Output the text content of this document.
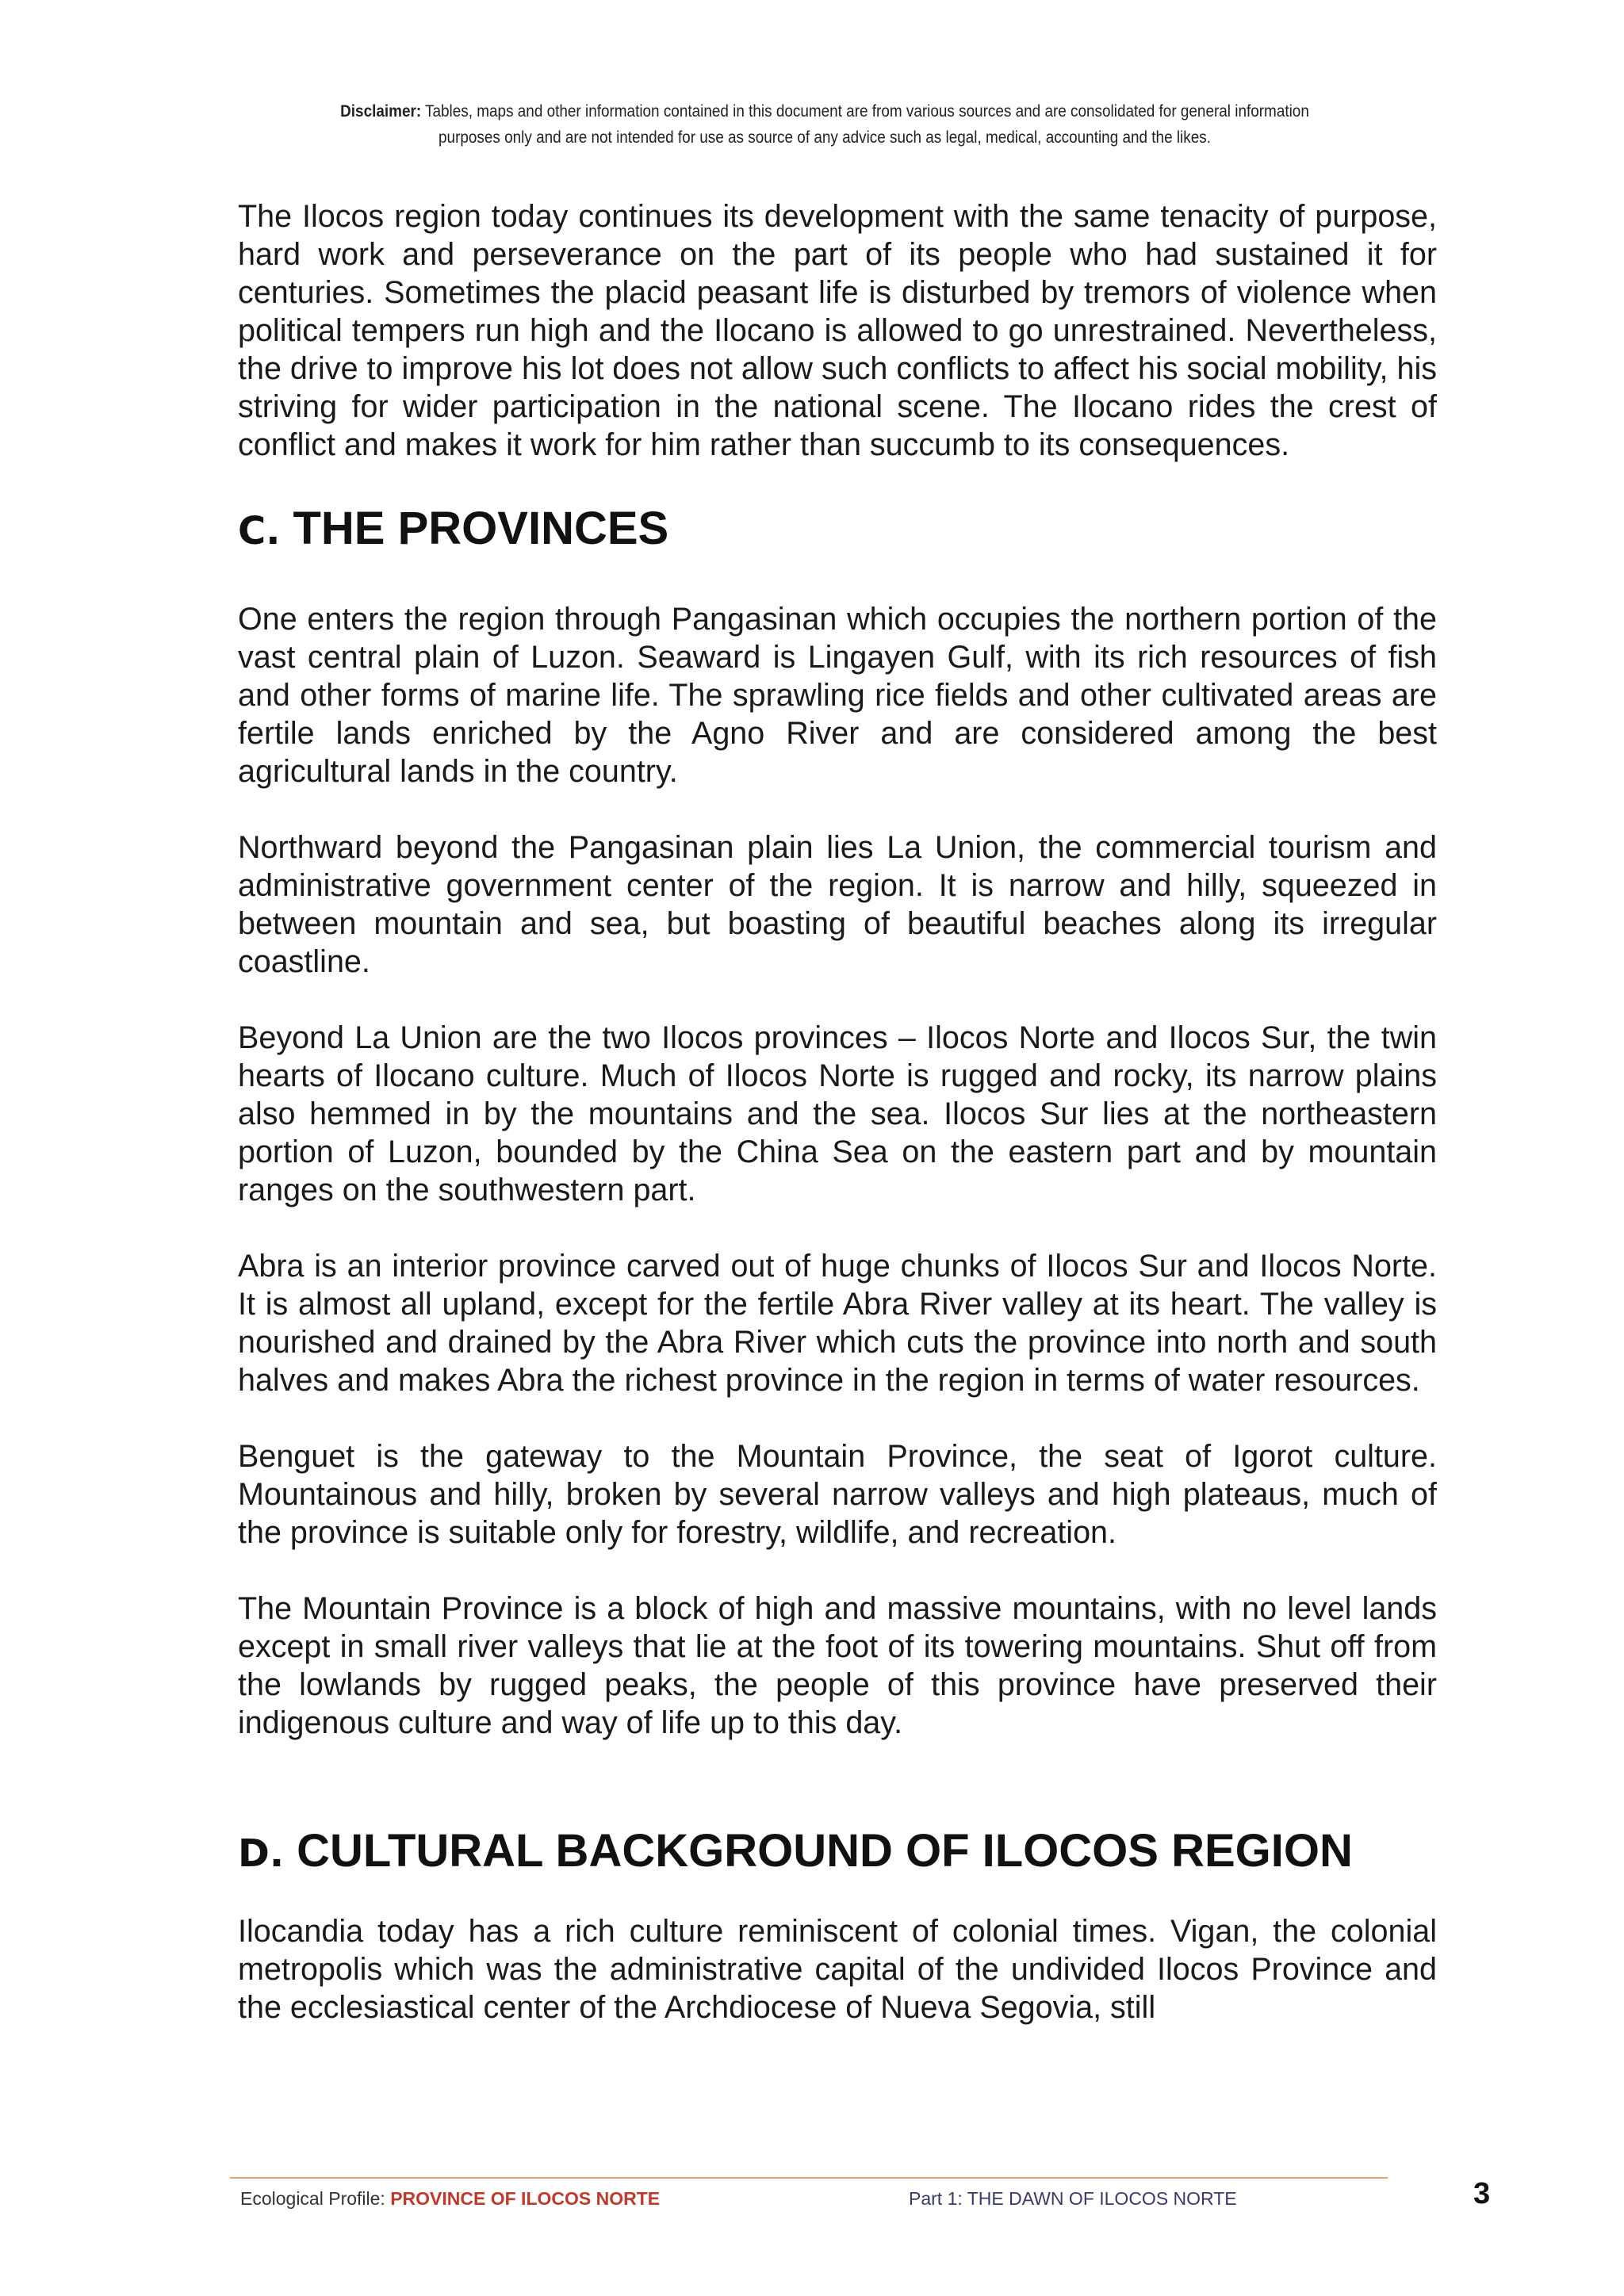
Disclaimer: Tables, maps and other information contained in this document are from various sources and are consolidated for general information purposes only and are not intended for use as source of any advice such as legal, medical, accounting and the likes.

The Ilocos region today continues its development with the same tenacity of purpose, hard work and perseverance on the part of its people who had sustained it for centuries. Sometimes the placid peasant life is disturbed by tremors of violence when political tempers run high and the Ilocano is allowed to go unrestrained. Nevertheless, the drive to improve his lot does not allow such conflicts to affect his social mobility, his striving for wider participation in the national scene. The Ilocano rides the crest of conflict and makes it work for him rather than succumb to its consequences.

C. THE PROVINCES

One enters the region through Pangasinan which occupies the northern portion of the vast central plain of Luzon. Seaward is Lingayen Gulf, with its rich resources of fish and other forms of marine life. The sprawling rice fields and other cultivated areas are fertile lands enriched by the Agno River and are considered among the best agricultural lands in the country.

Northward beyond the Pangasinan plain lies La Union, the commercial tourism and administrative government center of the region. It is narrow and hilly, squeezed in between mountain and sea, but boasting of beautiful beaches along its irregular coastline.

Beyond La Union are the two Ilocos provinces – Ilocos Norte and Ilocos Sur, the twin hearts of Ilocano culture. Much of Ilocos Norte is rugged and rocky, its narrow plains also hemmed in by the mountains and the sea. Ilocos Sur lies at the northeastern portion of Luzon, bounded by the China Sea on the eastern part and by mountain ranges on the southwestern part.

Abra is an interior province carved out of huge chunks of Ilocos Sur and Ilocos Norte. It is almost all upland, except for the fertile Abra River valley at its heart. The valley is nourished and drained by the Abra River which cuts the province into north and south halves and makes Abra the richest province in the region in terms of water resources.

Benguet is the gateway to the Mountain Province, the seat of Igorot culture. Mountainous and hilly, broken by several narrow valleys and high plateaus, much of the province is suitable only for forestry, wildlife, and recreation.

The Mountain Province is a block of high and massive mountains, with no level lands except in small river valleys that lie at the foot of its towering mountains. Shut off from the lowlands by rugged peaks, the people of this province have preserved their indigenous culture and way of life up to this day.

D. CULTURAL BACKGROUND OF ILOCOS REGION

Ilocandia today has a rich culture reminiscent of colonial times. Vigan, the colonial metropolis which was the administrative capital of the undivided Ilocos Province and the ecclesiastical center of the Archdiocese of Nueva Segovia, still

Ecological Profile: PROVINCE OF ILOCOS NORTE	Part 1: THE DAWN OF ILOCOS NORTE	3
